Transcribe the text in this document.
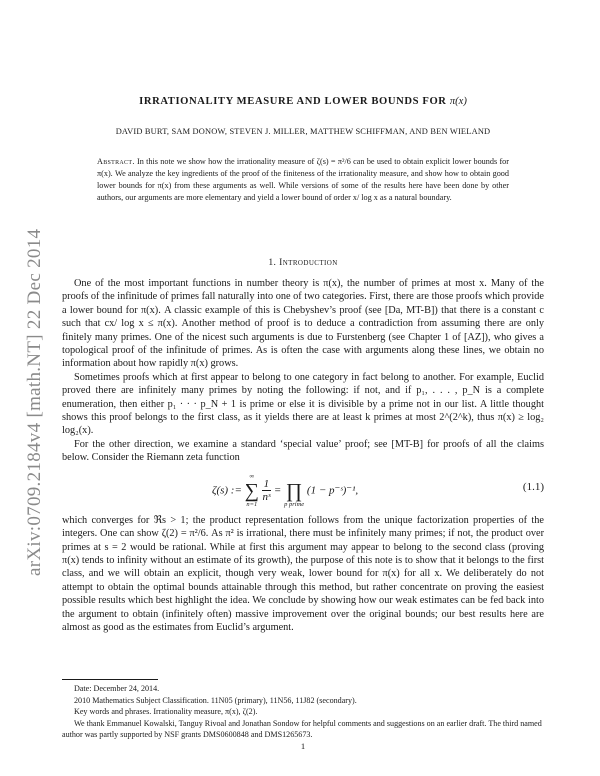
arXiv:0709.2184v4 [math.NT] 22 Dec 2014
IRRATIONALITY MEASURE AND LOWER BOUNDS FOR π(x)
DAVID BURT, SAM DONOW, STEVEN J. MILLER, MATTHEW SCHIFFMAN, AND BEN WIELAND
Abstract. In this note we show how the irrationality measure of ζ(s) = π²/6 can be used to obtain explicit lower bounds for π(x). We analyze the key ingredients of the proof of the finiteness of the irrationality measure, and show how to obtain good lower bounds for π(x) from these arguments as well. While versions of some of the results here have been done by other authors, our arguments are more elementary and yield a lower bound of order x/ log x as a natural boundary.
1. Introduction

One of the most important functions in number theory is π(x), the number of primes at most x. Many of the proofs of the infinitude of primes fall naturally into one of two categories. First, there are those proofs which provide a lower bound for π(x). A classic example of this is Chebyshev’s proof (see [Da, MT-B]) that there is a constant c such that cx/ log x ≤ π(x). Another method of proof is to deduce a contradiction from assuming there are only finitely many primes. One of the nicest such arguments is due to Furstenberg (see Chapter 1 of [AZ]), who gives a topological proof of the infinitude of primes. As is often the case with arguments along these lines, we obtain no information about how rapidly π(x) grows.

Sometimes proofs which at first appear to belong to one category in fact belong to another. For example, Euclid proved there are infinitely many primes by noting the following: if not, and if p₁, . . . , p_N is a complete enumeration, then either p₁ · · · p_N + 1 is prime or else it is divisible by a prime not in our list. A little thought shows this proof belongs to the first class, as it yields there are at least k primes at most 2^(2^k), thus π(x) ≥ log₂ log₂(x).

For the other direction, we examine a standard ‘special value’ proof; see [MT-B] for proofs of all the claims below. Consider the Riemann zeta function

ζ(s) :=
∞
∑
n=1

$\frac{1}{\text{nˢ}}$ =
∏
p prime
(1 − p⁻ˢ)⁻¹,	(1.1)

which converges for ℜs > 1; the product representation follows from the unique factorization properties of the integers. One can show ζ(2) = π²/6. As π² is irrational, there must be infinitely many primes; if not, the product over primes at s = 2 would be rational. While at first this argument may appear to belong to the second class (proving π(x) tends to infinity without an estimate of its growth), the purpose of this note is to show that it belongs to the first class, and we will obtain an explicit, though very weak, lower bound for π(x) for all x. We deliberately do not attempt to obtain the optimal bounds attainable through this method, but rather concentrate on proving the easiest possible results which best highlight the idea. We conclude by showing how our weak estimates can be fed back into the argument to obtain (infinitely often) massive improvement over the original bounds; our best results here are almost as good as the estimates from Euclid’s argument.

Date: December 24, 2014.
2010 Mathematics Subject Classification. 11N05 (primary), 11N56, 11J82 (secondary).
Key words and phrases. Irrationality measure, π(x), ζ(2).
We thank Emmanuel Kowalski, Tanguy Rivoal and Jonathan Sondow for helpful comments and suggestions on an earlier draft. The third named author was partly supported by NSF grants DMS0600848 and DMS1265673.
1
